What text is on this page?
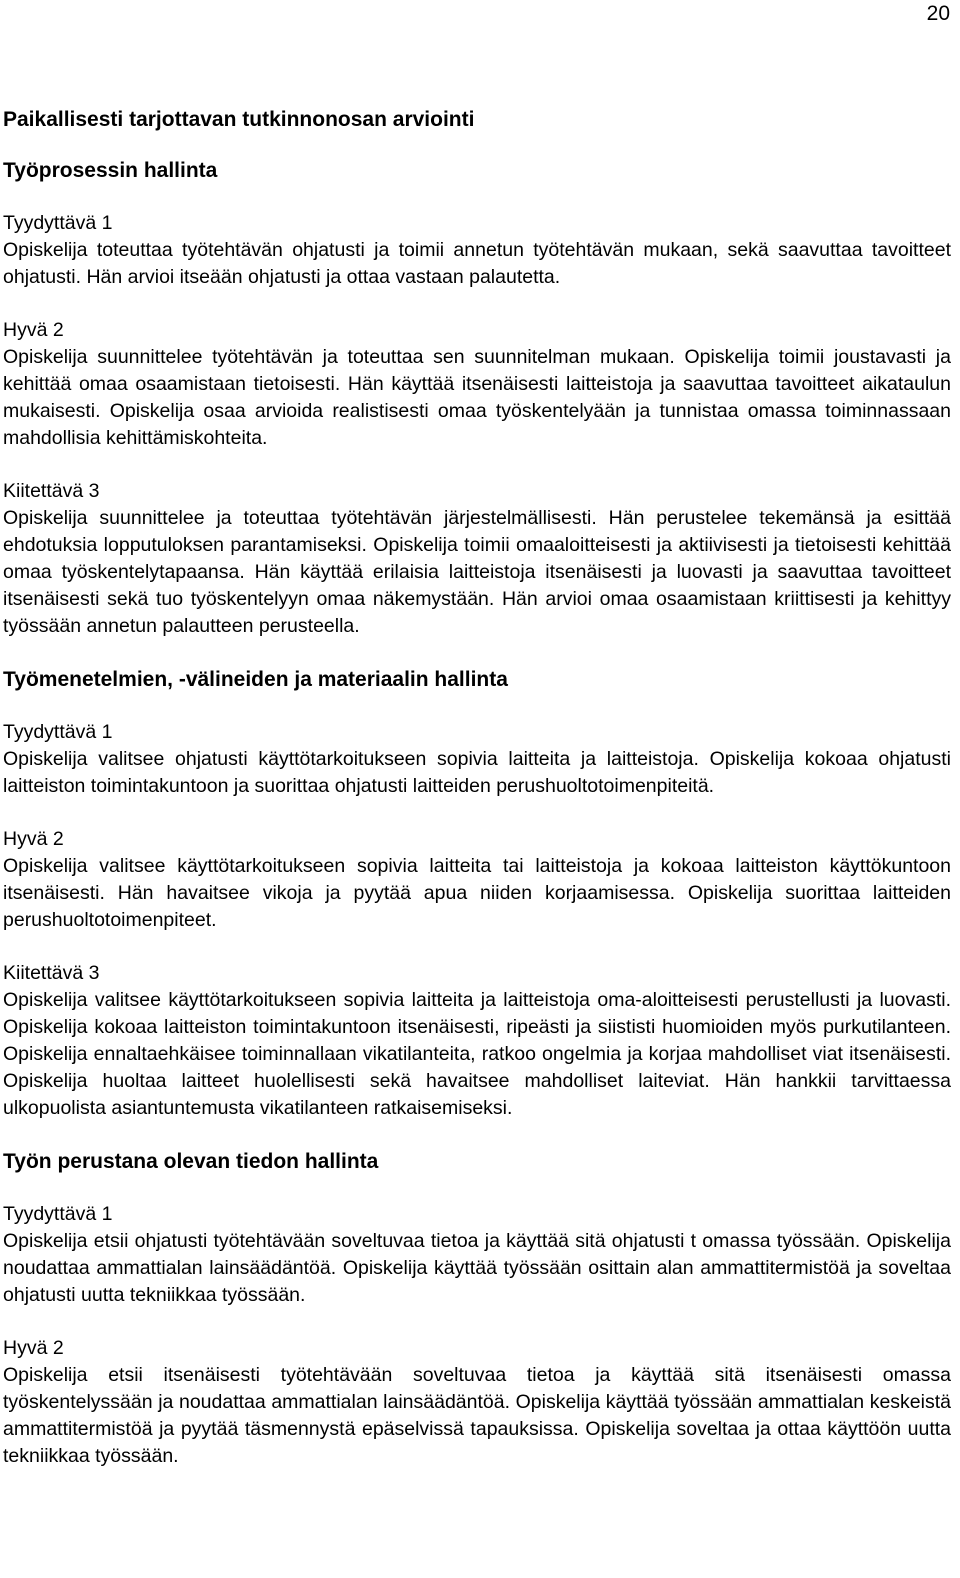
20
Paikallisesti tarjottavan tutkinnonosan arviointi
Työprosessin hallinta

Tyydyttävä 1

Opiskelija toteuttaa työtehtävän ohjatusti ja toimii annetun työtehtävän mukaan, sekä saavuttaa tavoitteet ohjatusti. Hän arvioi itseään ohjatusti ja ottaa vastaan palautetta.

Hyvä 2

Opiskelija suunnittelee työtehtävän ja toteuttaa sen suunnitelman mukaan. Opiskelija toimii joustavasti ja kehittää omaa osaamistaan tietoisesti. Hän käyttää itsenäisesti laitteistoja ja saavuttaa tavoitteet aikataulun mukaisesti. Opiskelija osaa arvioida realistisesti omaa työskentelyään ja tunnistaa omassa toiminnassaan mahdollisia kehittämiskohteita.

Kiitettävä 3

Opiskelija suunnittelee ja toteuttaa työtehtävän järjestelmällisesti. Hän perustelee tekemänsä ja esittää ehdotuksia lopputuloksen parantamiseksi. Opiskelija toimii omaaloitteisesti ja aktiivisesti ja tietoisesti kehittää omaa työskentelytapaansa. Hän käyttää erilaisia laitteistoja itsenäisesti ja luovasti ja saavuttaa tavoitteet itsenäisesti sekä tuo työskentelyyn omaa näkemystään. Hän arvioi omaa osaamistaan kriittisesti ja kehittyy työssään annetun palautteen perusteella.

Työmenetelmien, -välineiden ja materiaalin hallinta

Tyydyttävä 1

Opiskelija valitsee ohjatusti käyttötarkoitukseen sopivia laitteita ja laitteistoja. Opiskelija kokoaa ohjatusti laitteiston toimintakuntoon ja suorittaa ohjatusti laitteiden perushuoltotoimenpiteitä.

Hyvä 2

Opiskelija valitsee käyttötarkoitukseen sopivia laitteita tai laitteistoja ja kokoaa laitteiston käyttökuntoon itsenäisesti. Hän havaitsee vikoja ja pyytää apua niiden korjaamisessa. Opiskelija suorittaa laitteiden perushuoltotoimenpiteet.

Kiitettävä 3

Opiskelija valitsee käyttötarkoitukseen sopivia laitteita ja laitteistoja oma-aloitteisesti perustellusti ja luovasti. Opiskelija kokoaa laitteiston toimintakuntoon itsenäisesti, ripeästi ja siististi huomioiden myös purkutilanteen. Opiskelija ennaltaehkäisee toiminnallaan vikatilanteita, ratkoo ongelmia ja korjaa mahdolliset viat itsenäisesti. Opiskelija huoltaa laitteet huolellisesti sekä havaitsee mahdolliset laiteviat. Hän hankkii tarvittaessa ulkopuolista asiantuntemusta vikatilanteen ratkaisemiseksi.

Työn perustana olevan tiedon hallinta

Tyydyttävä 1

Opiskelija etsii ohjatusti työtehtävään soveltuvaa tietoa ja käyttää sitä ohjatusti t omassa työssään. Opiskelija noudattaa ammattialan lainsäädäntöä. Opiskelija käyttää työssään osittain alan ammattitermistöä ja soveltaa ohjatusti uutta tekniikkaa työssään.

Hyvä 2

Opiskelija etsii itsenäisesti työtehtävään soveltuvaa tietoa ja käyttää sitä itsenäisesti omassa työskentelyssään ja noudattaa ammattialan lainsäädäntöä. Opiskelija käyttää työssään ammattialan keskeistä ammattitermistöä ja pyytää täsmennystä epäselvissä tapauksissa. Opiskelija soveltaa ja ottaa käyttöön uutta tekniikkaa työssään.
